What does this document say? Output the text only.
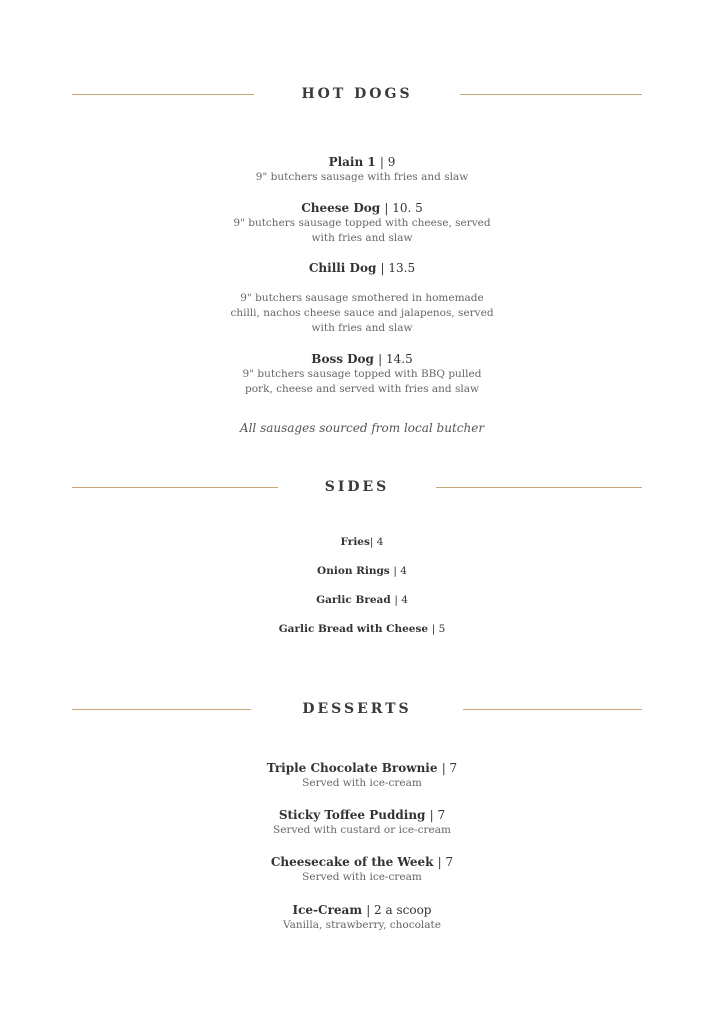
HOT DOGS
Plain 1 | 9
9" butchers sausage with fries and slaw
Cheese Dog | 10. 5
9" butchers sausage topped with cheese, served with fries and slaw
Chilli Dog | 13.5
9" butchers sausage smothered in homemade chilli, nachos cheese sauce and jalapenos, served with fries and slaw
Boss Dog | 14.5
9" butchers sausage topped with BBQ pulled pork, cheese and served with fries and slaw
All sausages sourced from local butcher
SIDES
Fries| 4
Onion Rings | 4
Garlic Bread | 4
Garlic Bread with Cheese | 5
DESSERTS
Triple Chocolate Brownie | 7
Served with ice-cream
Sticky Toffee Pudding | 7
Served with custard or ice-cream
Cheesecake of the Week | 7
Served with ice-cream
Ice-Cream | 2 a scoop
Vanilla, strawberry, chocolate
